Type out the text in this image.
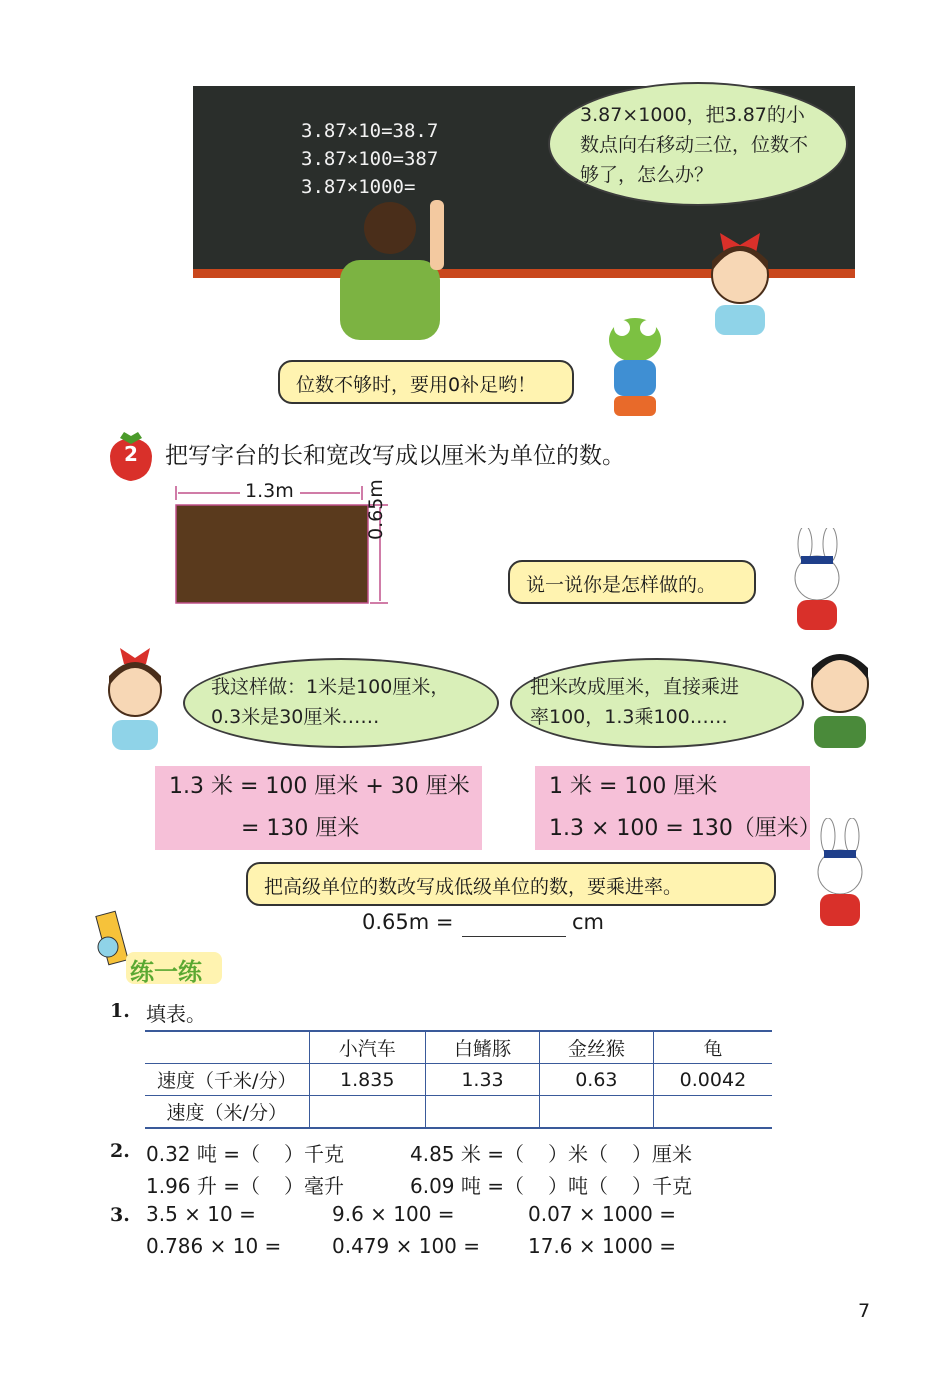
3.87×10=38.7
3.87×100=387
3.87×1000=
3.87×1000，把3.87的小
数点向右移动三位，位数不
够了，怎么办？
位数不够时，要用0补足哟！
2 把写字台的长和宽改写成以厘米为单位的数。
1.3m	0.65m
说一说你是怎样做的。
我这样做：1米是100厘米，
0.3米是30厘米……
把米改成厘米，直接乘进
率100，1.3乘100……
1.3 米 = 100 厘米 + 30 厘米
= 130 厘米
1 米 = 100 厘米
1.3 × 100 = 130（厘米）
把高级单位的数改写成低级单位的数，要乘进率。
0.65m =	cm
练一练
1. 填表。
	小汽车	白鳍豚	金丝猴	龟
速度（千米/分）	1.835	1.33	0.63	0.0042
速度（米/分）				
2. 0.32 吨 =（ ）千克	4.85 米 =（ ）米（ ）厘米
1.96 升 =（ ）毫升	6.09 吨 =（ ）吨（ ）千克
3. 3.5 × 10 =	9.6 × 100 =	0.07 × 1000 =
0.786 × 10 =	0.479 × 100 = 17.6 × 1000 =
7
